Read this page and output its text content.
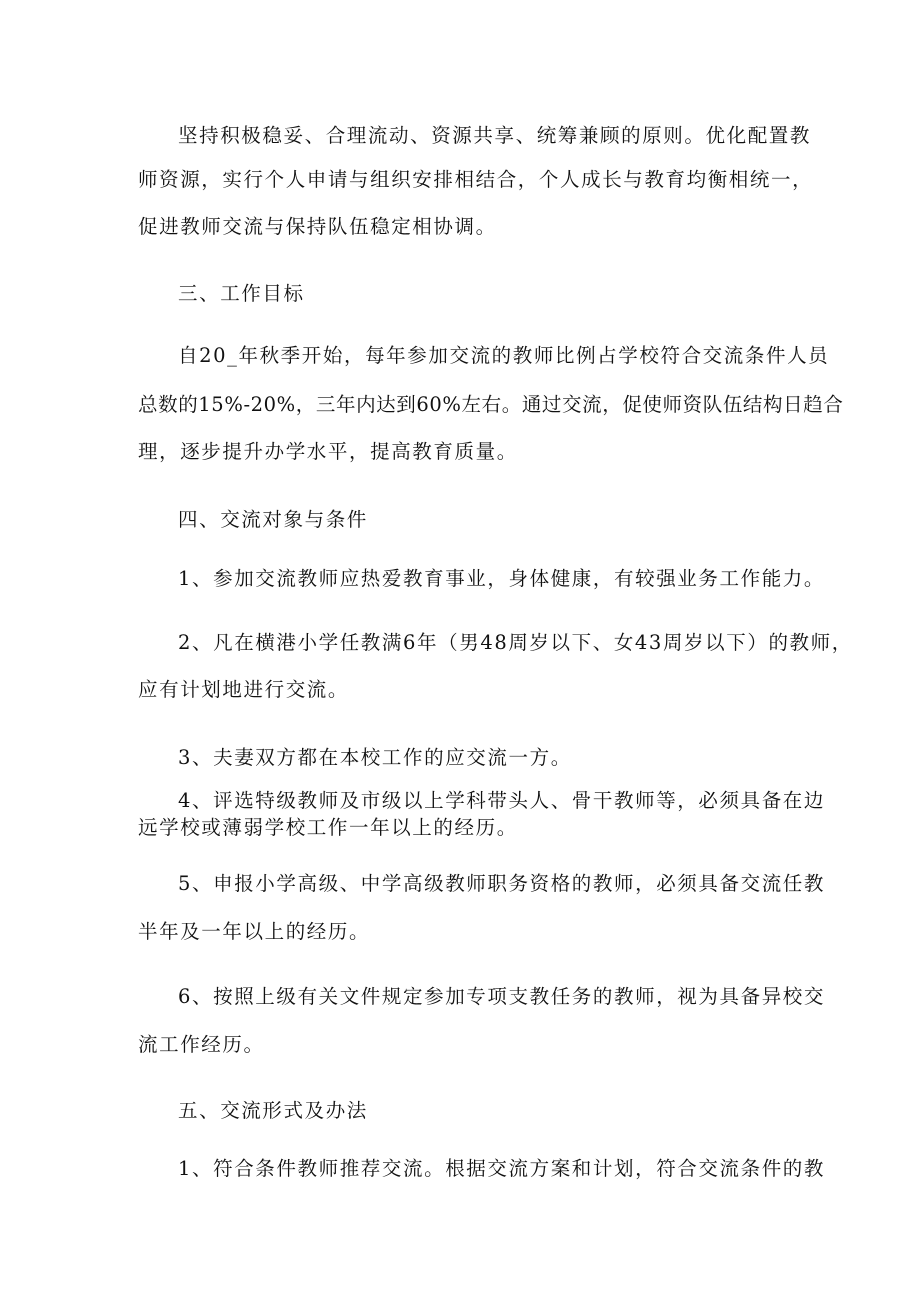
坚持积极稳妥、合理流动、资源共享、统筹兼顾的原则。优化配置教
师资源，实行个人申请与组织安排相结合，个人成长与教育均衡相统一，
促进教师交流与保持队伍稳定相协调。
三、工作目标
自20_年秋季开始，每年参加交流的教师比例占学校符合交流条件人员
总数的15%-20%，三年内达到60%左右。通过交流，促使师资队伍结构日趋合
理，逐步提升办学水平，提高教育质量。
四、交流对象与条件
1、参加交流教师应热爱教育事业，身体健康，有较强业务工作能力。
2、凡在横港小学任教满6年（男48周岁以下、女43周岁以下）的教师，
应有计划地进行交流。
3、夫妻双方都在本校工作的应交流一方。
4、评选特级教师及市级以上学科带头人、骨干教师等，必须具备在边
远学校或薄弱学校工作一年以上的经历。
5、申报小学高级、中学高级教师职务资格的教师，必须具备交流任教
半年及一年以上的经历。
6、按照上级有关文件规定参加专项支教任务的教师，视为具备异校交
流工作经历。
五、交流形式及办法
1、符合条件教师推荐交流。根据交流方案和计划，符合交流条件的教
